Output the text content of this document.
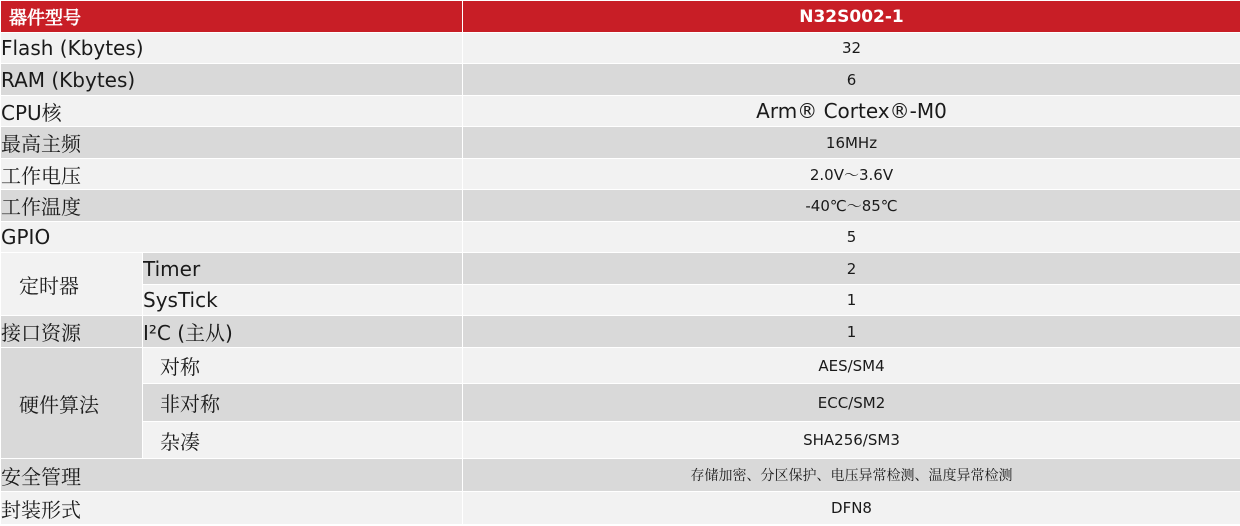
器件型号		N32S002-1
Flash (Kbytes)		32
RAM (Kbytes)		6
CPU核		Arm® Cortex®-M0
最高主频		16MHz
工作电压		2.0V～3.6V
工作温度		-40℃～85℃
GPIO		5
定时器	Timer	2
	SysTick	1
接口资源	I²C (主从)	1
硬件算法	对称	AES/SM4
	非对称	ECC/SM2
	杂凑	SHA256/SM3
安全管理		存储加密、分区保护、电压异常检测、温度异常检测
封装形式		DFN8
